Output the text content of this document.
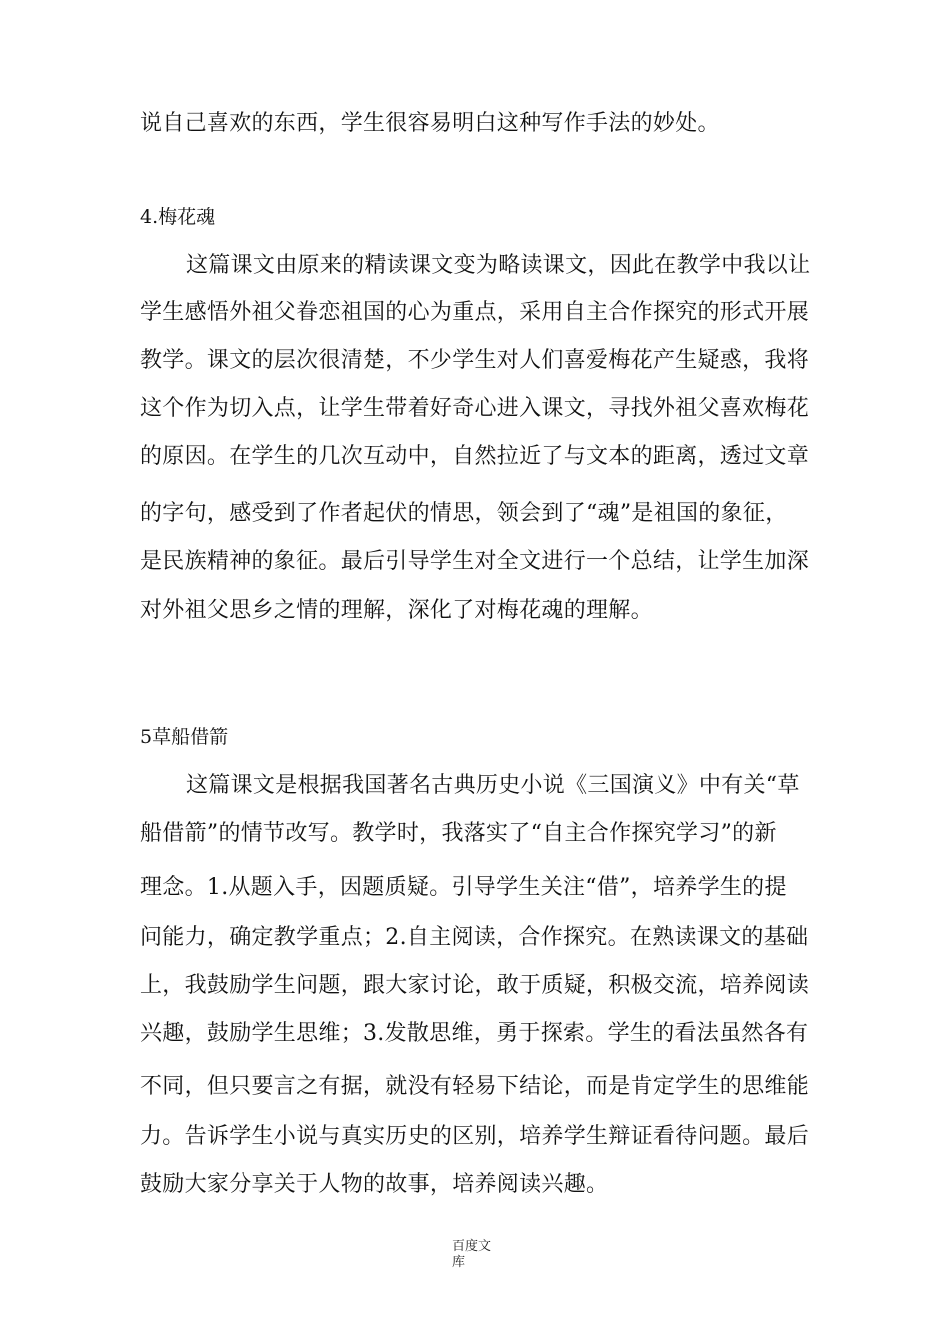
说自己喜欢的东西，学生很容易明白这种写作手法的妙处。
4.梅花魂
这篇课文由原来的精读课文变为略读课文，因此在教学中我以让
学生感悟外祖父眷恋祖国的心为重点，采用自主合作探究的形式开展
教学。课文的层次很清楚，不少学生对人们喜爱梅花产生疑惑，我将
这个作为切入点，让学生带着好奇心进入课文，寻找外祖父喜欢梅花
的原因。在学生的几次互动中，自然拉近了与文本的距离，透过文章
的字句，感受到了作者起伏的情思，领会到了“魂”是祖国的象征，
是民族精神的象征。最后引导学生对全文进行一个总结，让学生加深
对外祖父思乡之情的理解，深化了对梅花魂的理解。
5草船借箭
这篇课文是根据我国著名古典历史小说《三国演义》中有关“草
船借箭”的情节改写。教学时，我落实了“自主合作探究学习”的新
理念。1.从题入手，因题质疑。引导学生关注“借”，培养学生的提
问能力，确定教学重点；2.自主阅读，合作探究。在熟读课文的基础
上，我鼓励学生问题，跟大家讨论，敢于质疑，积极交流，培养阅读
兴趣，鼓励学生思维；3.发散思维，勇于探索。学生的看法虽然各有
不同，但只要言之有据，就没有轻易下结论，而是肯定学生的思维能
力。告诉学生小说与真实历史的区别，培养学生辩证看待问题。最后
鼓励大家分享关于人物的故事，培养阅读兴趣。
百度文
库
